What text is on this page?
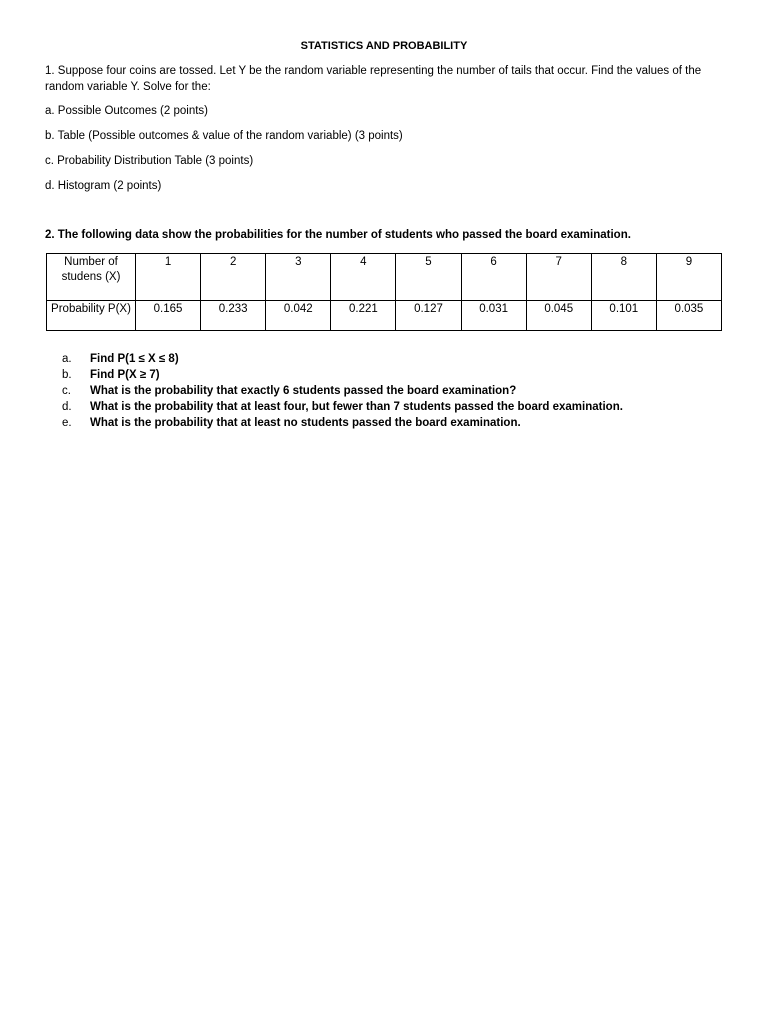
STATISTICS AND PROBABILITY
1. Suppose four coins are tossed. Let Y be the random variable representing the number of tails that occur. Find the values of the random variable Y. Solve for the:
a. Possible Outcomes (2 points)
b. Table (Possible outcomes & value of the random variable) (3 points)
c. Probability Distribution Table (3 points)
d. Histogram (2 points)
2. The following data show the probabilities for the number of students who passed the board examination.
Number of studens (X)	1	2	3	4	5	6	7	8	9
Probability P(X)	0.165	0.233	0.042	0.221	0.127	0.031	0.045	0.101	0.035
a.	Find P(1 ≤ X ≤ 8)
b.	Find P(X ≥ 7)
c.	What is the probability that exactly 6 students passed the board examination?
d.	What is the probability that at least four, but fewer than 7 students passed the board examination.
e.	What is the probability that at least no students passed the board examination.
